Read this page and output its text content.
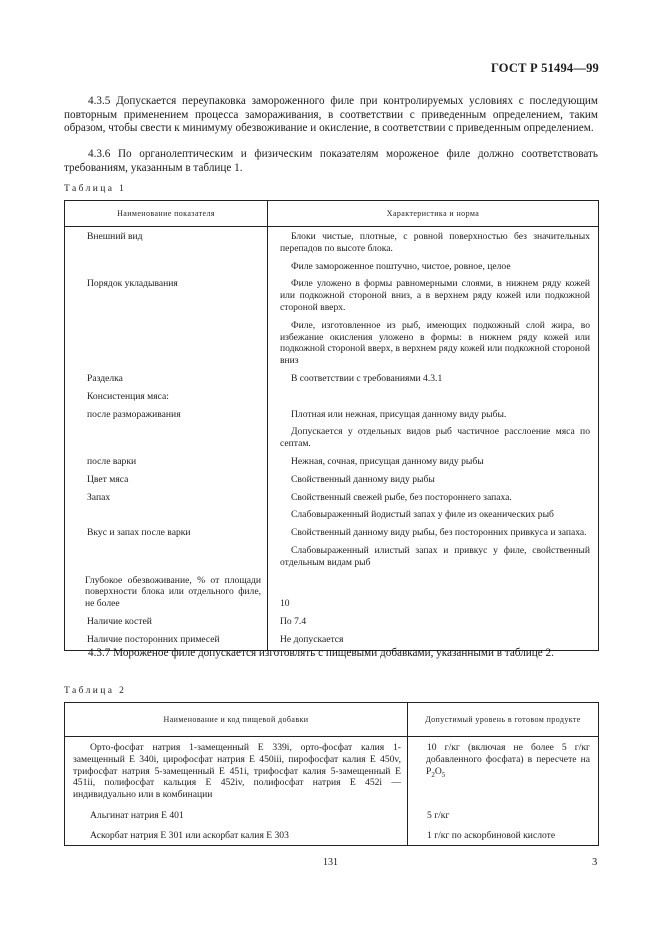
ГОСТ Р 51494—99
4.3.5 Допускается переупаковка замороженного филе при контролируемых условиях с последующим повторным применением процесса замораживания, в соответствии с приведенным определением, таким образом, чтобы свести к минимуму обезвоживание и окисление, в соответствии с приведенным определением.
4.3.6 По органолептическим и физическим показателям мороженое филе должно соответствовать требованиям, указанным в таблице 1.
Таблица 1
Наименование показателя	Характеристика и норма
Внешний вид	Блоки чистые, плотные, с ровной поверхностью без значительных перепадов по высоте блока.
	Филе замороженное поштучно, чистое, ровное, целое
Порядок укладывания	Филе уложено в формы равномерными слоями, в нижнем ряду кожей или подкожной стороной вниз, а в верхнем ряду кожей или подкожной стороной вверх.
	Филе, изготовленное из рыб, имеющих подкожный слой жира, во избежание окисления уложено в формы: в нижнем ряду кожей или подкожной стороной вверх, в верхнем ряду кожей или подкожной стороной вниз
Разделка	В соответствии с требованиями 4.3.1
Консистенция мяса:	
после размораживания	Плотная или нежная, присущая данному виду рыбы.
	Допускается у отдельных видов рыб частичное расслоение мяса по септам.
после варки	Нежная, сочная, присущая данному виду рыбы
Цвет мяса	Свойственный данному виду рыбы
Запах	Свойственный свежей рыбе, без постороннего запаха.
	Слабовыраженный йодистый запах у филе из океанических рыб
Вкус и запах после варки	Свойственный данному виду рыбы, без посторонних привкуса и запаха.
	Слабовыраженный илистый запах и привкус у филе, свойственный отдельным видам рыб
Глубокое обезвоживание, % от площади поверхности блока или отдельного филе, не более	10
Наличие костей	По 7.4
Наличие посторонних примесей	Не допускается
4.3.7 Мороженое филе допускается изготовлять с пищевыми добавками, указанными в таблице 2.
Таблица 2
Наименование и код пищевой добавки	Допустимый уровень в готовом продукте
Орто-фосфат натрия 1-замещенный Е 339i, орто-фосфат калия 1-замещенный Е 340i, цирофосфат натрия Е 450iii, пирофосфат калия Е 450v, трифосфат натрия 5-замещенный Е 451i, трифосфат калия 5-замещенный Е 451ii, полифосфат кальция Е 452iv, полифосфат натрия Е 452i — индивидуально или в комбинации	10 г/кг (включая не более 5 г/кг добавленного фосфата) в пересчете на $P_2O_5$
Альгинат натрия Е 401	5 г/кг
Аскорбат натрия Е 301 или аскорбат калия Е 303	1 г/кг по аскорбиновой кислоте
131	3
